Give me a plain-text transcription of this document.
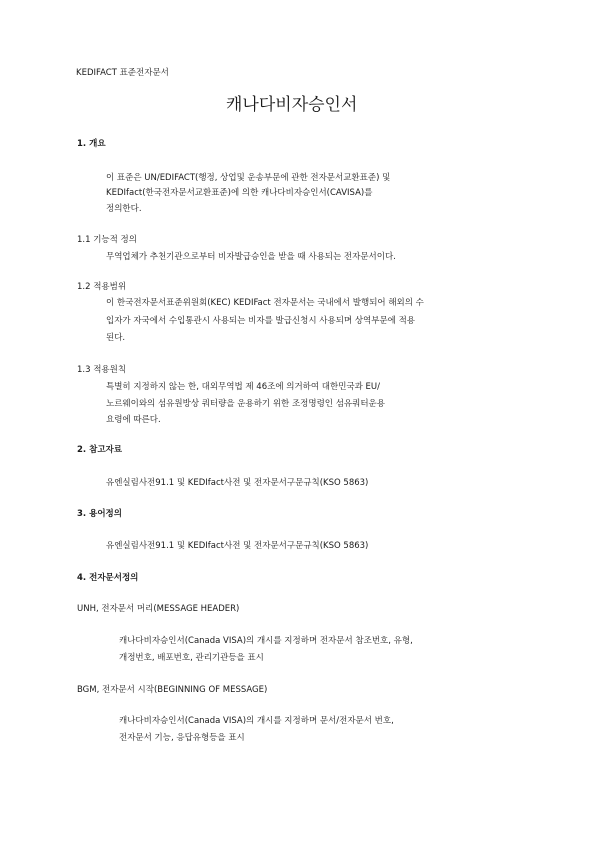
KEDIFACT 표준전자문서
캐나다비자승인서
1. 개요
이 표준은 UN/EDIFACT(행정, 상업및 운송부문에 관한 전자문서교환표준) 및
KEDIfact(한국전자문서교환표준)에 의한 캐나다비자승인서(CAVISA)를
정의한다.
1.1 기능적 정의
무역업체가 추천기관으로부터 비자발급승인을 받을 때 사용되는 전자문서이다.
1.2 적용범위
이 한국전자문서표준위원회(KEC) KEDIFact 전자문서는 국내에서 발행되어 해외의 수
입자가 자국에서 수입통관시 사용되는 비자를 발급신청시 사용되며 상역부문에 적용
된다.
1.3 적용원칙
특별히 지정하지 않는 한, 대외무역법 제 46조에 의거하여 대한민국과 EU/
노르웨이와의 섬유원방상 쿼터량을 운용하기 위한 조정명령인 섬유쿼터운용
요령에 따른다.
2. 참고자료
유엔실림사전91.1 및 KEDIfact사전 및 전자문서구문규칙(KSO 5863)
3. 용어정의
유엔실림사전91.1 및 KEDIfact사전 및 전자문서구문규칙(KSO 5863)
4. 전자문서정의
UNH, 전자문서 머리(MESSAGE HEADER)
캐나다비자승인서(Canada VISA)의 개시를 지정하며 전자문서 참조번호, 유형,
개정번호, 배포번호, 관리기관등을 표시
BGM, 전자문서 시작(BEGINNING OF MESSAGE)
캐나다비자승인서(Canada VISA)의 개시를 지정하며 문서/전자문서 번호,
전자문서 기능, 응답유형등을 표시
